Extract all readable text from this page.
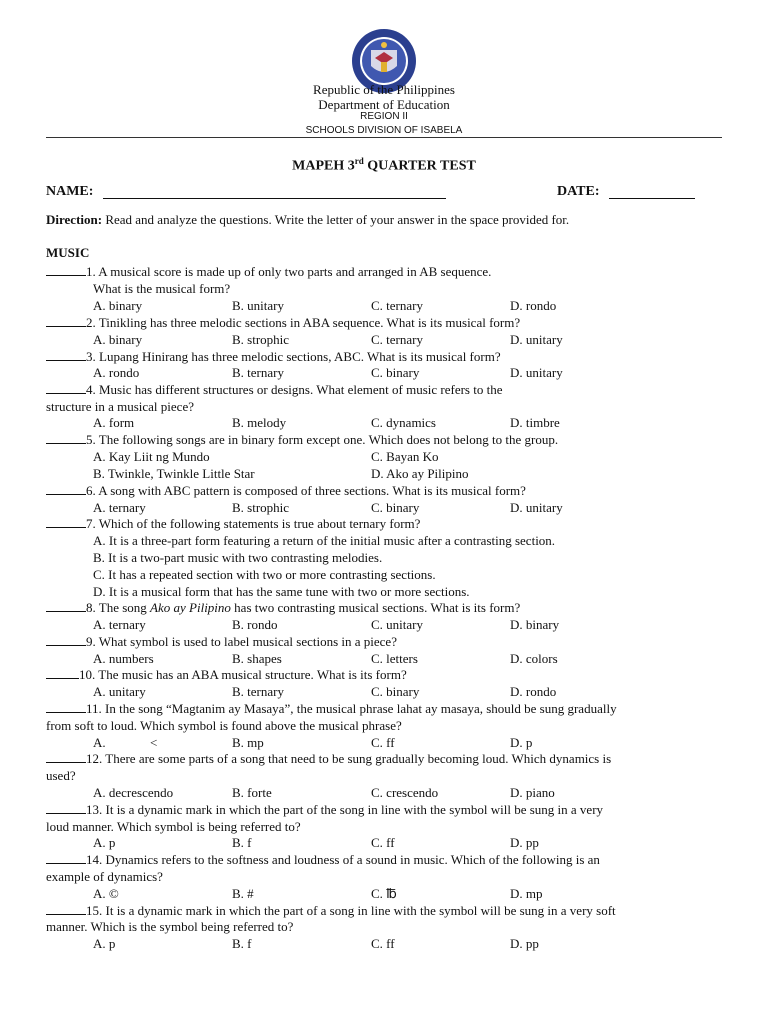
Republic of the Philippines
Department of Education
REGION II
SCHOOLS DIVISION OF ISABELA
MAPEH 3rd QUARTER TEST
NAME:	DATE:
Direction: Read and analyze the questions. Write the letter of your answer in the space provided for.
MUSIC
1. A musical score is made up of only two parts and arranged in AB sequence.
What is the musical form?
A. binary	B. unitary	C. ternary	D. rondo
2. Tinikling has three melodic sections in ABA sequence. What is its musical form?
A. binary	B. strophic	C. ternary	D. unitary
3. Lupang Hinirang has three melodic sections, ABC. What is its musical form?
A. rondo	B. ternary	C. binary	D. unitary
4. Music has different structures or designs. What element of music refers to the
structure in a musical piece?
A. form	B. melody	C. dynamics	D. timbre
5. The following songs are in binary form except one. Which does not belong to the group.
A. Kay Liit ng Mundo	C. Bayan Ko
B. Twinkle, Twinkle Little Star	D. Ako ay Pilipino
6. A song with ABC pattern is composed of three sections. What is its musical form?
A. ternary	B. strophic	C. binary	D. unitary
7. Which of the following statements is true about ternary form?
A. It is a three-part form featuring a return of the initial music after a contrasting section.
B. It is a two-part music with two contrasting melodies.
C. It has a repeated section with two or more contrasting sections.
D. It is a musical form that has the same tune with two or more sections.
8. The song Ako ay Pilipino has two contrasting musical sections. What is its form?
A. ternary	B. rondo	C. unitary	D. binary
9. What symbol is used to label musical sections in a piece?
A. numbers	B. shapes	C. letters	D. colors
10. The music has an ABA musical structure. What is its form?
A. unitary	B. ternary	C. binary	D. rondo
11. In the song “Magtanim ay Masaya”, the musical phrase lahat ay masaya, should be sung gradually
from soft to loud. Which symbol is found above the musical phrase?
A.	<	B. mp	C. ff	D. p
12. There are some parts of a song that need to be sung gradually becoming loud. Which dynamics is
used?
A. decrescendo	B. forte	C. crescendo	D. piano
13. It is a dynamic mark in which the part of the song in line with the symbol will be sung in a very
loud manner. Which symbol is being referred to?
A. p	B. f	C. ff	D. pp
14. Dynamics refers to the softness and loudness of a sound in music. Which of the following is an
example of dynamics?
A. ©	B. #	C. ℔	D. mp
15. It is a dynamic mark in which the part of a song in line with the symbol will be sung in a very soft
manner. Which is the symbol being referred to?
A. p	B. f	C. ff	D. pp
